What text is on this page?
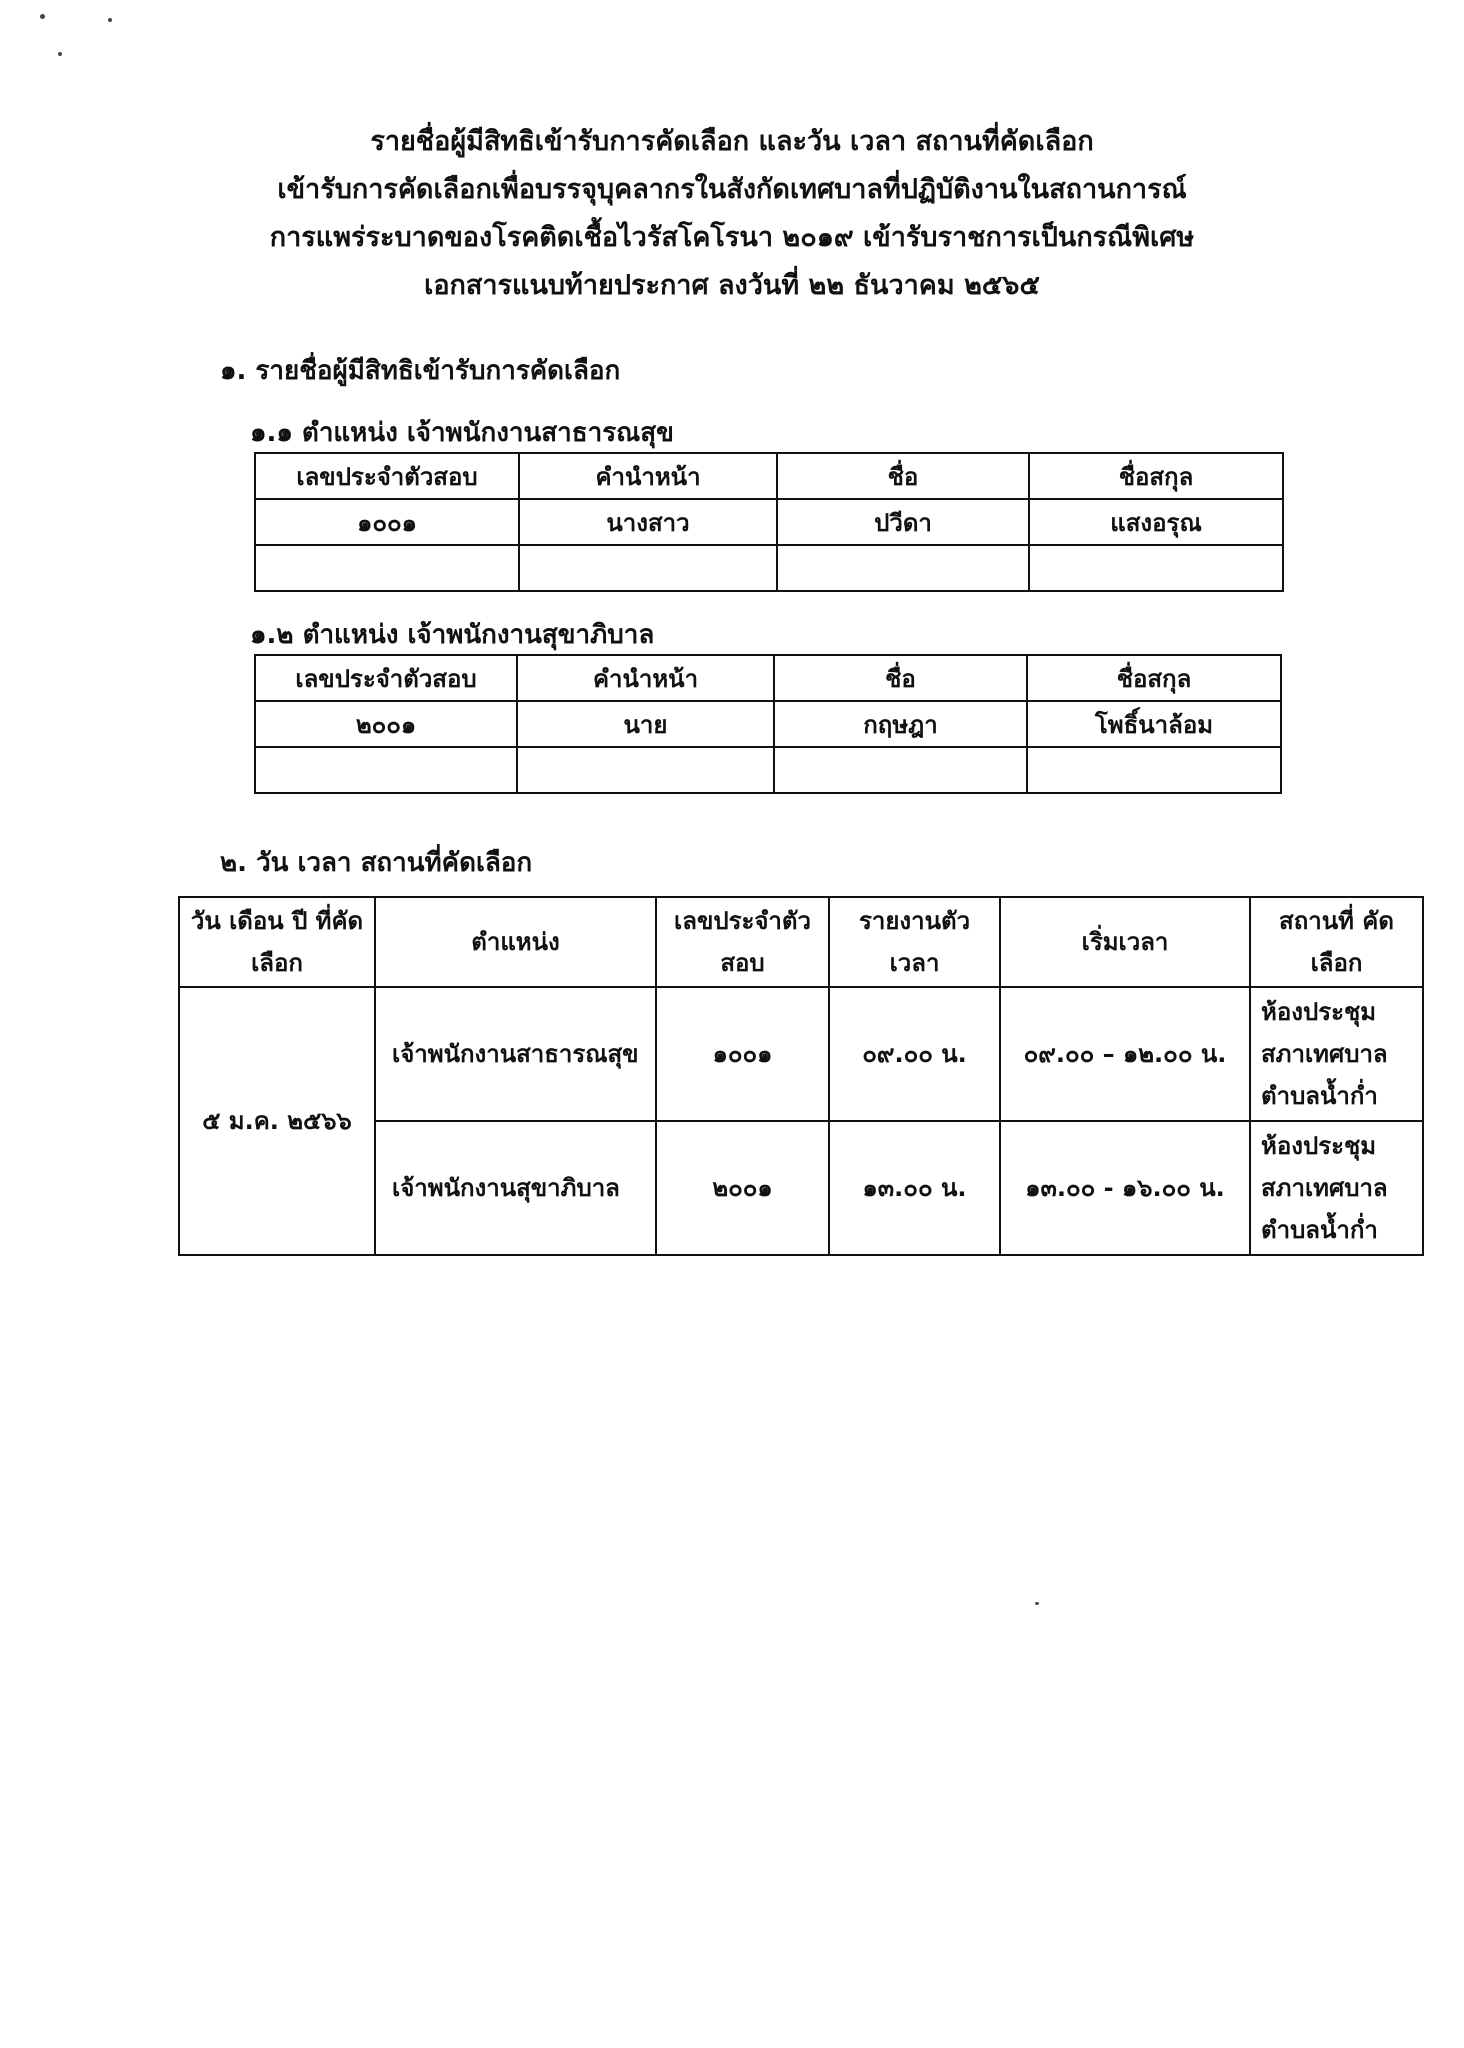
รายชื่อผู้มีสิทธิเข้ารับการคัดเลือก และวัน เวลา สถานที่คัดเลือก
เข้ารับการคัดเลือกเพื่อบรรจุบุคลากรในสังกัดเทศบาลที่ปฏิบัติงานในสถานการณ์
การแพร่ระบาดของโรคติดเชื้อไวรัสโคโรนา ๒๐๑๙ เข้ารับราชการเป็นกรณีพิเศษ
เอกสารแนบท้ายประกาศ ลงวันที่ ๒๒ ธันวาคม ๒๕๖๕
๑. รายชื่อผู้มีสิทธิเข้ารับการคัดเลือก
๑.๑ ตำแหน่ง เจ้าพนักงานสาธารณสุข
เลขประจำตัวสอบ	คำนำหน้า	ชื่อ	ชื่อสกุล
๑๐๐๑	นางสาว	ปวีดา	แสงอรุณ

๑.๒ ตำแหน่ง เจ้าพนักงานสุขาภิบาล
เลขประจำตัวสอบ	คำนำหน้า	ชื่อ	ชื่อสกุล
๒๐๐๑	นาย	กฤษฎา	โพธิ์นาล้อม

๒. วัน เวลา สถานที่คัดเลือก
วัน เดือน ปี ที่คัดเลือก	ตำแหน่ง	เลขประจำตัว สอบ	รายงานตัว เวลา	เริ่มเวลา	สถานที่ คัดเลือก
๕ ม.ค. ๒๕๖๖	เจ้าพนักงานสาธารณสุข	๑๐๐๑	๐๙.๐๐ น.	๐๙.๐๐ – ๑๒.๐๐ น.	ห้องประชุม สภาเทศบาล ตำบลน้ำก่ำ
	เจ้าพนักงานสุขาภิบาล	๒๐๐๑	๑๓.๐๐ น.	๑๓.๐๐ - ๑๖.๐๐ น.	ห้องประชุม สภาเทศบาล ตำบลน้ำก่ำ
